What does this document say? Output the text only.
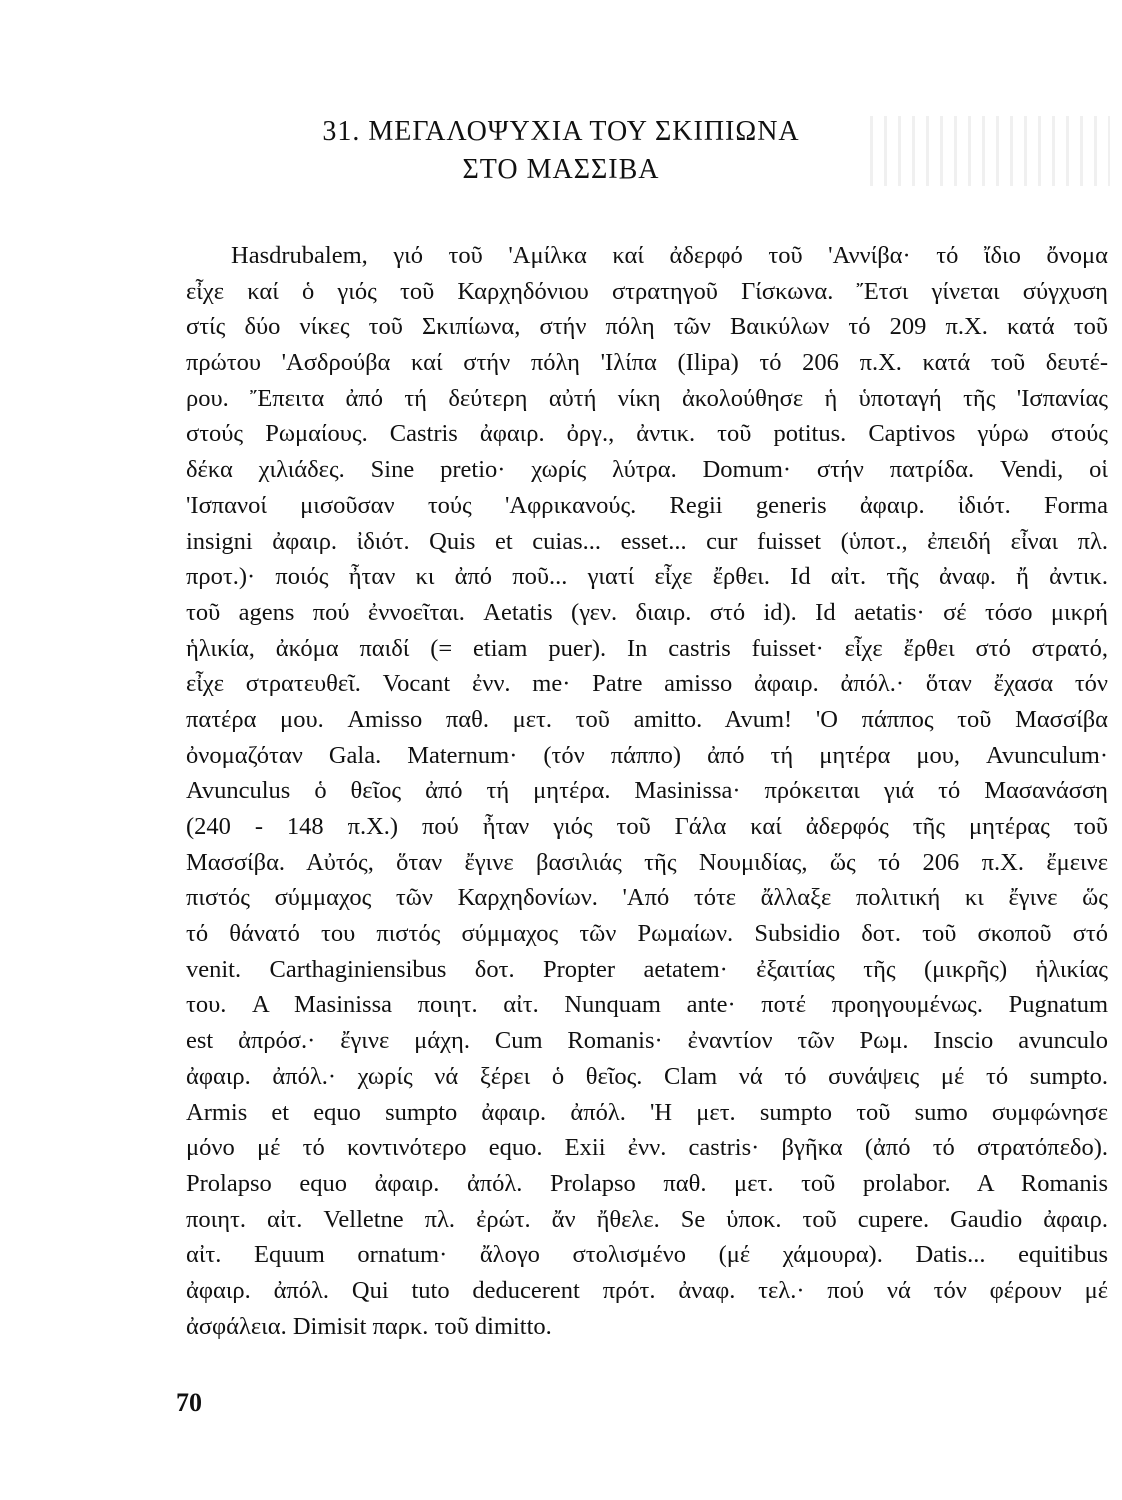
31. ΜΕΓΑΛΟΨΥΧΙΑ ΤΟΥ ΣΚΙΠΙΩΝΑ
ΣΤΟ ΜΑΣΣΙΒΑ
Hasdrubalem, γιό τοῦ 'Αμίλκα καί ἀδερφό τοῦ 'Αννίβα· τό ἴδιο ὄνομα
εἶχε καί ὁ γιός τοῦ Καρχηδόνιου στρατηγοῦ Γίσκωνα. Ἔτσι γίνεται σύγχυση
στίς δύο νίκες τοῦ Σκιπίωνα, στήν πόλη τῶν Βαικύλων τό 209 π.Χ. κατά τοῦ
πρώτου 'Ασδρούβα καί στήν πόλη 'Ιλίπα (Ilipa) τό 206 π.Χ. κατά τοῦ δευτέ-
ρου. Ἔπειτα ἀπό τή δεύτερη αὐτή νίκη ἀκολούθησε ἡ ὑποταγή τῆς 'Ισπανίας
στούς Ρωμαίους. Castris ἀφαιρ. ὀργ., ἀντικ. τοῦ potitus. Captivos γύρω στούς
δέκα χιλιάδες. Sine pretio· χωρίς λύτρα. Domum· στήν πατρίδα. Vendi, οἱ
'Ισπανοί μισοῦσαν τούς 'Αφρικανούς. Regii generis ἀφαιρ. ἰδιότ. Forma
insigni ἀφαιρ. ἰδιότ. Quis et cuias... esset... cur fuisset (ὑποτ., ἐπειδή εἶναι πλ.
προτ.)· ποιός ἦταν κι ἀπό ποῦ... γιατί εἶχε ἔρθει. Id αἰτ. τῆς ἀναφ. ἤ ἀντικ.
τοῦ agens πού ἐννοεῖται. Aetatis (γεν. διαιρ. στό id). Id aetatis· σέ τόσο μικρή
ἡλικία, ἀκόμα παιδί (= etiam puer). In castris fuisset· εἶχε ἔρθει στό στρατό,
εἶχε στρατευθεῖ. Vocant ἐνν. me· Patre amisso ἀφαιρ. ἀπόλ.· ὅταν ἔχασα τόν
πατέρα μου. Amisso παθ. μετ. τοῦ amitto. Avum! 'Ο πάππος τοῦ Μασσίβα
ὀνομαζόταν Gala. Maternum· (τόν πάππο) ἀπό τή μητέρα μου, Avunculum·
Avunculus ὁ θεῖος ἀπό τή μητέρα. Masinissa· πρόκειται γιά τό Μασανάσση
(240 - 148 π.Χ.) πού ἦταν γιός τοῦ Γάλα καί ἀδερφός τῆς μητέρας τοῦ
Μασσίβα. Αὐτός, ὅταν ἔγινε βασιλιάς τῆς Νουμιδίας, ὥς τό 206 π.Χ. ἔμεινε
πιστός σύμμαχος τῶν Καρχηδονίων. 'Από τότε ἄλλαξε πολιτική κι ἔγινε ὥς
τό θάνατό του πιστός σύμμαχος τῶν Ρωμαίων. Subsidio δοτ. τοῦ σκοποῦ στό
venit. Carthaginiensibus δοτ. Propter aetatem· ἐξαιτίας τῆς (μικρῆς) ἡλικίας
του. A Masinissa ποιητ. αἰτ. Nunquam ante· ποτέ προηγουμένως. Pugnatum
est ἀπρόσ.· ἔγινε μάχη. Cum Romanis· ἐναντίον τῶν Ρωμ. Inscio avunculo
ἀφαιρ. ἀπόλ.· χωρίς νά ξέρει ὁ θεῖος. Clam νά τό συνάψεις μέ τό sumpto.
Armis et equo sumpto ἀφαιρ. ἀπόλ. 'Η μετ. sumpto τοῦ sumo συμφώνησε
μόνο μέ τό κοντινότερο equo. Exii ἐνν. castris· βγῆκα (ἀπό τό στρατόπεδο).
Prolapso equo ἀφαιρ. ἀπόλ. Prolapso παθ. μετ. τοῦ prolabor. A Romanis
ποιητ. αἰτ. Velletne πλ. ἐρώτ. ἄν ἤθελε. Se ὑποκ. τοῦ cupere. Gaudio ἀφαιρ.
αἰτ. Equum ornatum· ἄλογο στολισμένο (μέ χάμουρα). Datis... equitibus
ἀφαιρ. ἀπόλ. Qui tuto deducerent πρότ. ἀναφ. τελ.· πού νά τόν φέρουν μέ
ἀσφάλεια. Dimisit παρκ. τοῦ dimitto.
70
